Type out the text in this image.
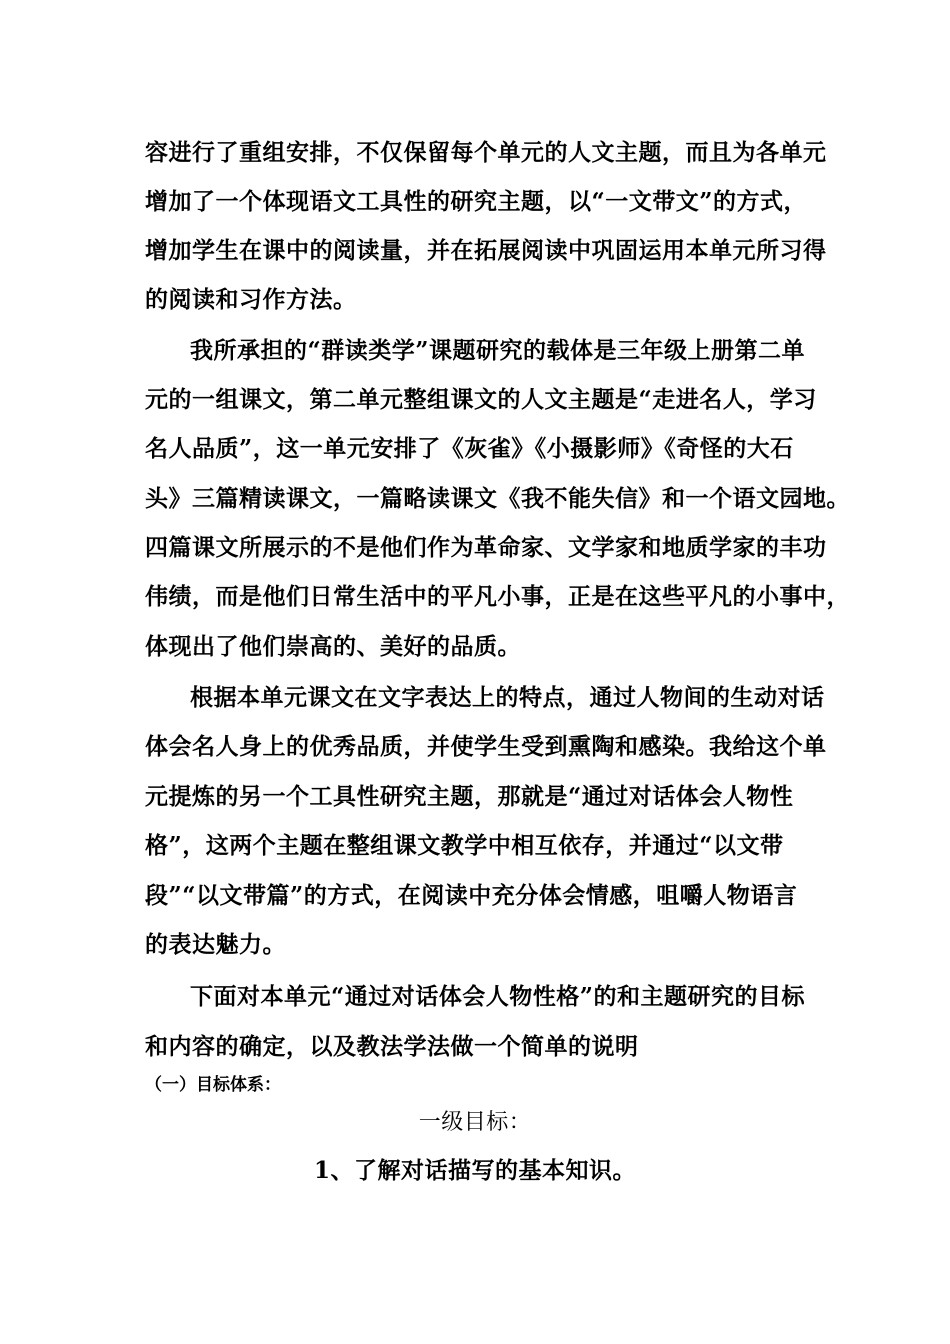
容进行了重组安排，不仅保留每个单元的人文主题，而且为各单元
增加了一个体现语文工具性的研究主题，以“一文带文”的方式，
增加学生在课中的阅读量，并在拓展阅读中巩固运用本单元所习得
的阅读和习作方法。
我所承担的“群读类学”课题研究的载体是三年级上册第二单
元的一组课文，第二单元整组课文的人文主题是“走进名人，学习
名人品质”，这一单元安排了《灰雀》《小摄影师》《奇怪的大石
头》三篇精读课文，一篇略读课文《我不能失信》和一个语文园地。
四篇课文所展示的不是他们作为革命家、文学家和地质学家的丰功
伟绩，而是他们日常生活中的平凡小事，正是在这些平凡的小事中，
体现出了他们崇高的、美好的品质。
根据本单元课文在文字表达上的特点，通过人物间的生动对话
体会名人身上的优秀品质，并使学生受到熏陶和感染。我给这个单
元提炼的另一个工具性研究主题，那就是“通过对话体会人物性
格”，这两个主题在整组课文教学中相互依存，并通过“以文带
段”“以文带篇”的方式，在阅读中充分体会情感，咀嚼人物语言
的表达魅力。
下面对本单元“通过对话体会人物性格”的和主题研究的目标
和内容的确定，以及教法学法做一个简单的说明
（一）目标体系：
一级目标：
1、了解对话描写的基本知识。
